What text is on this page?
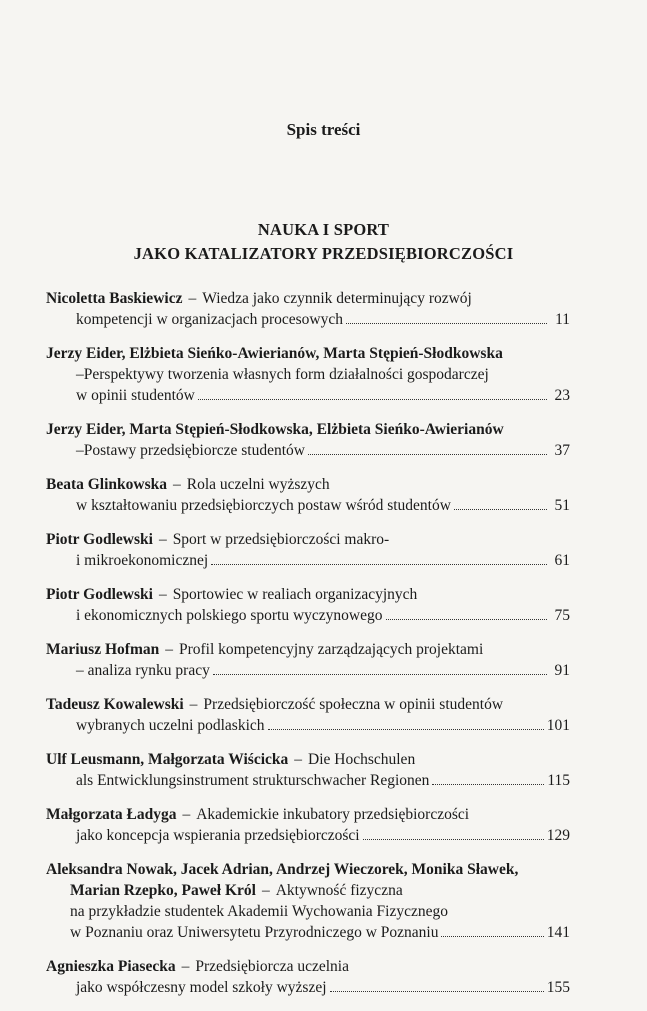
Spis treści
NAUKA I SPORT
JAKO KATALIZATORY PRZEDSIĘBIORCZOŚCI
Nicoletta Baskiewicz – Wiedza jako czynnik determinujący rozwój
kompetencji w organizacjach procesowych	11
Jerzy Eider, Elżbieta Sieńko-Awierianów, Marta Stępień-Słodkowska
– Perspektywy tworzenia własnych form działalności gospodarczej
w opinii studentów	23
Jerzy Eider, Marta Stępień-Słodkowska, Elżbieta Sieńko-Awierianów
– Postawy przedsiębiorcze studentów	37
Beata Glinkowska – Rola uczelni wyższych
w kształtowaniu przedsiębiorczych postaw wśród studentów	51
Piotr Godlewski – Sport w przedsiębiorczości makro-
i mikroekonomicznej	61
Piotr Godlewski – Sportowiec w realiach organizacyjnych
i ekonomicznych polskiego sportu wyczynowego	75
Mariusz Hofman – Profil kompetencyjny zarządzających projektami
– analiza rynku pracy	91
Tadeusz Kowalewski – Przedsiębiorczość społeczna w opinii studentów
wybranych uczelni podlaskich	101
Ulf Leusmann, Małgorzata Wiścicka – Die Hochschulen
als Entwicklungsinstrument strukturschwacher Regionen	115
Małgorzata Ładyga – Akademickie inkubatory przedsiębiorczości
jako koncepcja wspierania przedsiębiorczości	129
Aleksandra Nowak, Jacek Adrian, Andrzej Wieczorek, Monika Sławek,
Marian Rzepko, Paweł Król – Aktywność fizyczna
na przykładzie studentek Akademii Wychowania Fizycznego
w Poznaniu oraz Uniwersytetu Przyrodniczego w Poznaniu	141
Agnieszka Piasecka – Przedsiębiorcza uczelnia
jako współczesny model szkoły wyższej	155
